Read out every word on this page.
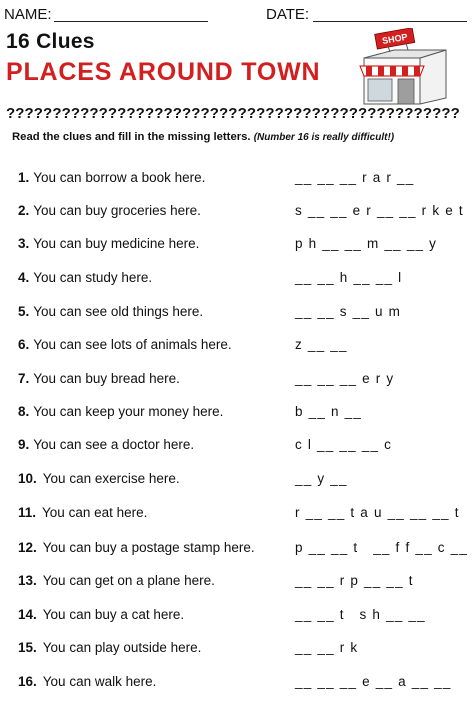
NAME:	DATE:
16 Clues
PLACES AROUND TOWN
SHOP
?????????????????????????????????????????????????
Read the clues and fill in the missing letters. (Number 16 is really difficult!)
1. You can borrow a book here.	__ __ __ r a r __
2. You can buy groceries here.	s __ __ e r __ __ r k e t
3. You can buy medicine here.	p h __ __ m __ __ y
4. You can study here.	__ __ h __ __ l
5. You can see old things here.	__ __ s __ u m
6. You can see lots of animals here.	z __ __
7. You can buy bread here.	__ __ __ e r y
8. You can keep your money here.	b __ n __
9. You can see a doctor here.	c l __ __ __ c
10. You can exercise here.	__ y __
11. You can eat here.	r __ __ t a u __ __ __ t
12. You can buy a postage stamp here.	p __ __ t   __ f f __ c __
13. You can get on a plane here.	__ __ r p __ __ t
14. You can buy a cat here.	__ __ t   s h __ __
15. You can play outside here.	__ __ r k
16. You can walk here.	__ __ __ e __ a __ __
